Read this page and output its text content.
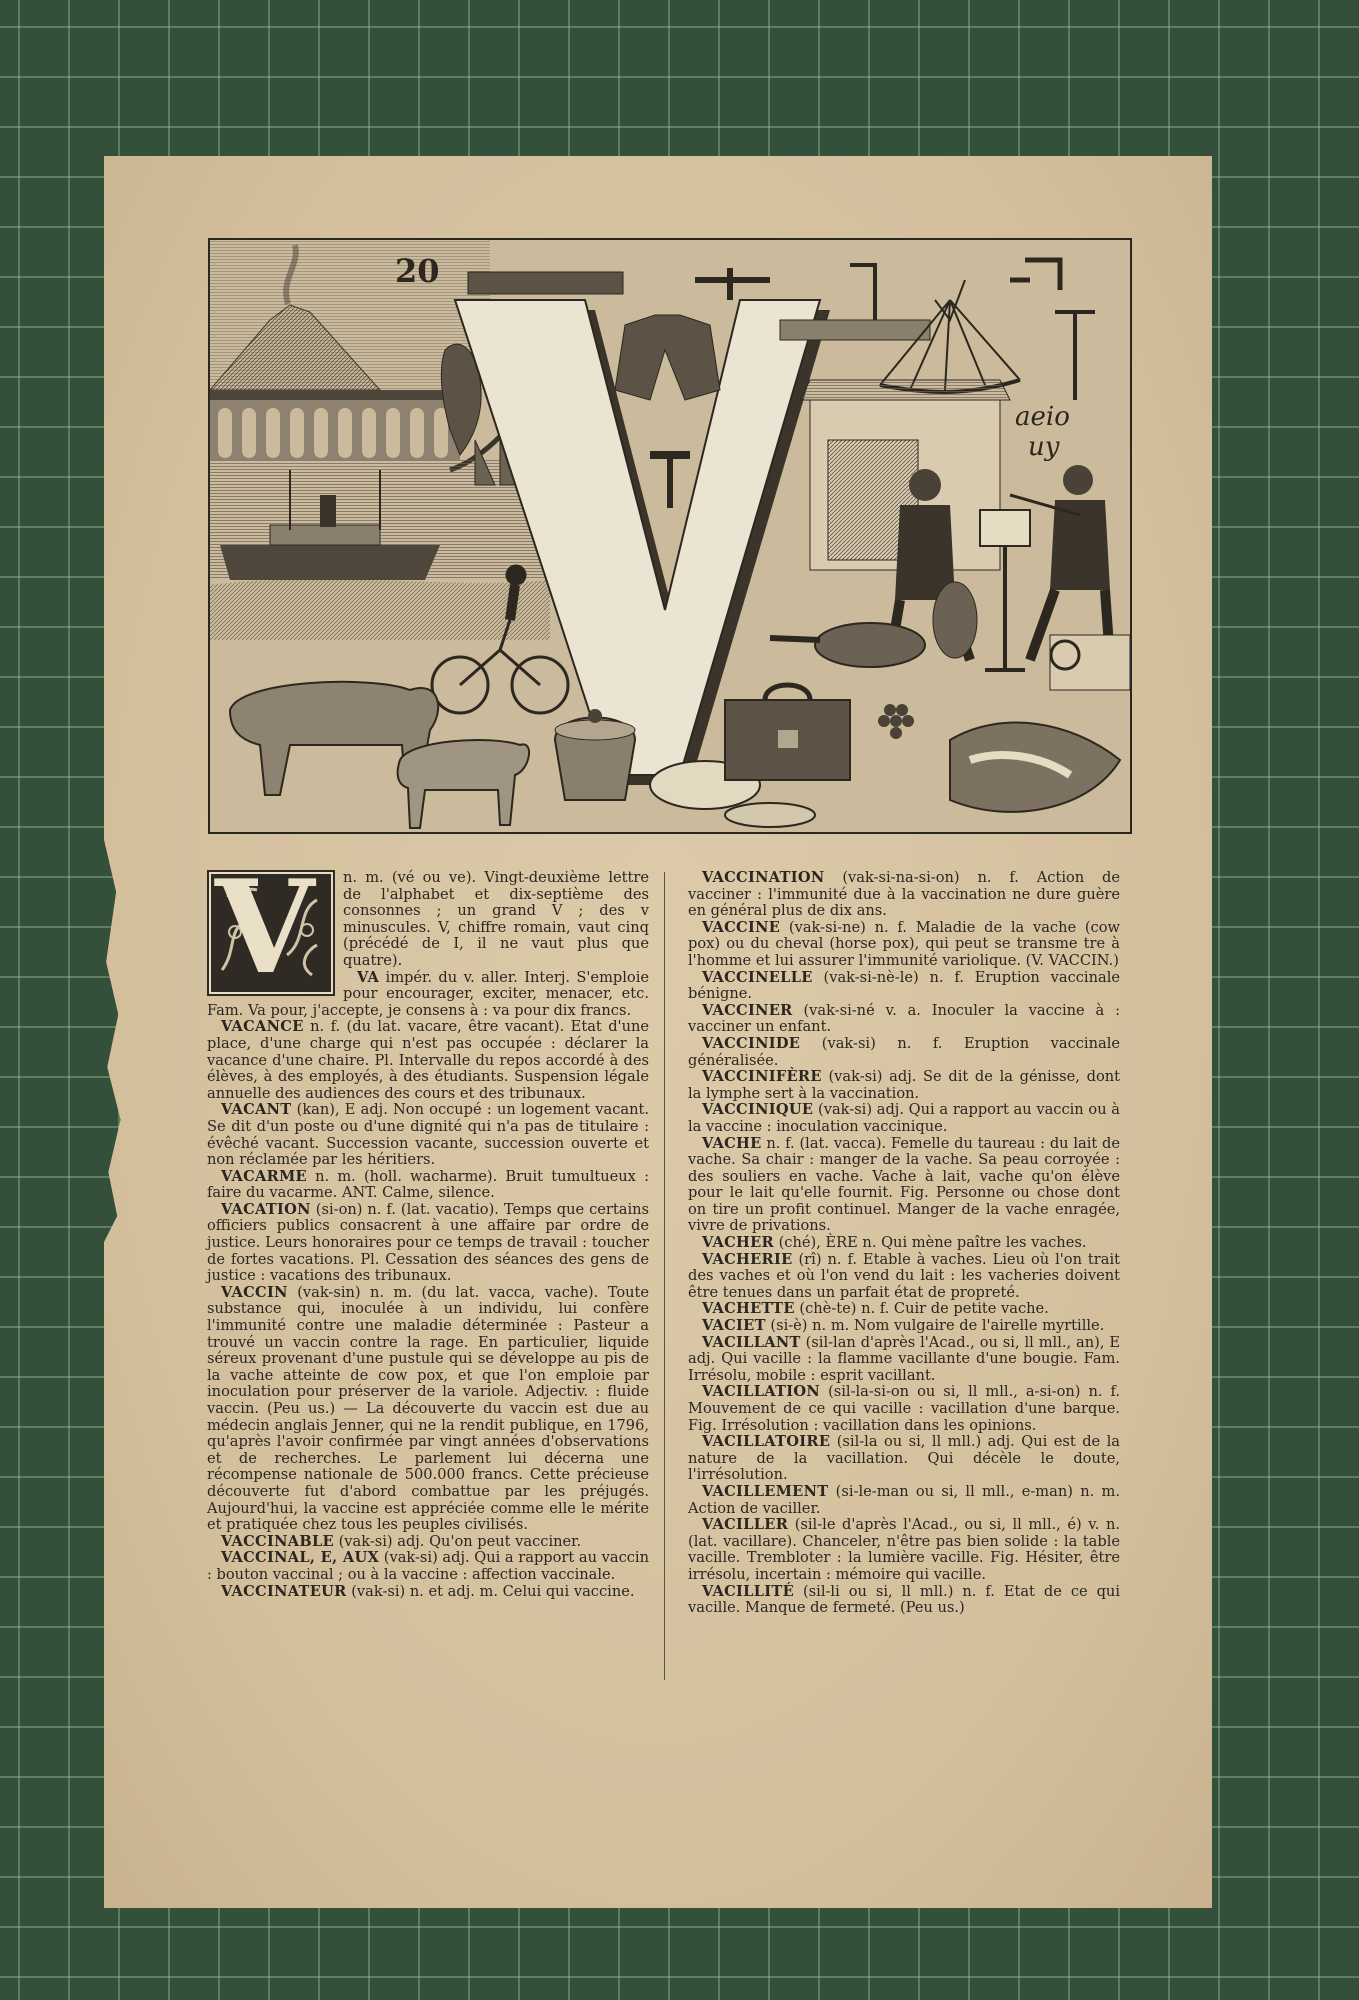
aeio
uy
20
V	n. m. (vé ou ve). Vingt-deuxième lettre de l'alphabet et dix-septième des consonnes ; un grand V ; des v minuscules. V, chiffre romain, vaut cinq (précédé de I, il ne vaut plus que quatre).

VA impér. du v. aller. Interj. S'emploie pour encourager, exciter, menacer, etc. Fam. Va pour, j'accepte, je consens à : va pour dix francs.

VACANCE n. f. (du lat. vacare, être vacant). Etat d'une place, d'une charge qui n'est pas occupée : déclarer la vacance d'une chaire. Pl. Intervalle du repos accordé à des élèves, à des employés, à des étudiants. Suspension légale annuelle des audiences des cours et des tribunaux.

VACANT (kan), E adj. Non occupé : un logement vacant. Se dit d'un poste ou d'une dignité qui n'a pas de titulaire : évêché vacant. Succession vacante, succession ouverte et non réclamée par les héritiers.

VACARME n. m. (holl. wacharme). Bruit tumultueux : faire du vacarme. ANT. Calme, silence.

VACATION (si-on) n. f. (lat. vacatio). Temps que certains officiers publics consacrent à une affaire par ordre de justice. Leurs honoraires pour ce temps de travail : toucher de fortes vacations. Pl. Cessation des séances des gens de justice : vacations des tribunaux.

VACCIN (vak-sin) n. m. (du lat. vacca, vache). Toute substance qui, inoculée à un individu, lui confère l'immunité contre une maladie déterminée : Pasteur a trouvé un vaccin contre la rage. En particulier, liquide séreux provenant d'une pustule qui se développe au pis de la vache atteinte de cow pox, et que l'on emploie par inoculation pour préserver de la variole. Adjectiv. : fluide vaccin. (Peu us.) — La découverte du vaccin est due au médecin anglais Jenner, qui ne la rendit publique, en 1796, qu'après l'avoir confirmée par vingt années d'observations et de recherches. Le parlement lui décerna une récompense nationale de 500.000 francs. Cette précieuse découverte fut d'abord combattue par les préjugés. Aujourd'hui, la vaccine est appréciée comme elle le mérite et pratiquée chez tous les peuples civilisés.

VACCINABLE (vak-si) adj. Qu'on peut vacciner.

VACCINAL, E, AUX (vak-si) adj. Qui a rapport au vaccin : bouton vaccinal ; ou à la vaccine : affection vaccinale.

VACCINATEUR (vak-si) n. et adj. m. Celui qui vaccine.

VACCINATION (vak-si-na-si-on) n. f. Action de vacciner : l'immunité due à la vaccination ne dure guère en général plus de dix ans.

VACCINE (vak-si-ne) n. f. Maladie de la vache (cow pox) ou du cheval (horse pox), qui peut se transme tre à l'homme et lui assurer l'immunité variolique. (V. VACCIN.)

VACCINELLE (vak-si-nè-le) n. f. Eruption vaccinale bénigne.

VACCINER (vak-si-né v. a. Inoculer la vaccine à : vacciner un enfant.

VACCINIDE (vak-si) n. f. Eruption vaccinale généralisée.

VACCINIFÈRE (vak-si) adj. Se dit de la génisse, dont la lymphe sert à la vaccination.

VACCINIQUE (vak-si) adj. Qui a rapport au vaccin ou à la vaccine : inoculation vaccinique.

VACHE n. f. (lat. vacca). Femelle du taureau : du lait de vache. Sa chair : manger de la vache. Sa peau corroyée : des souliers en vache. Vache à lait, vache qu'on élève pour le lait qu'elle fournit. Fig. Personne ou chose dont on tire un profit continuel. Manger de la vache enragée, vivre de privations.

VACHER (ché), ÈRE n. Qui mène paître les vaches.

VACHERIE (rî) n. f. Etable à vaches. Lieu où l'on trait des vaches et où l'on vend du lait : les vacheries doivent être tenues dans un parfait état de propreté.

VACHETTE (chè-te) n. f. Cuir de petite vache.

VACIET (si-è) n. m. Nom vulgaire de l'airelle myrtille.

VACILLANT (sil-lan d'après l'Acad., ou si, ll mll., an), E adj. Qui vacille : la flamme vacillante d'une bougie. Fam. Irrésolu, mobile : esprit vacillant.

VACILLATION (sil-la-si-on ou si, ll mll., a-si-on) n. f. Mouvement de ce qui vacille : vacillation d'une barque. Fig. Irrésolution : vacillation dans les opinions.

VACILLATOIRE (sil-la ou si, ll mll.) adj. Qui est de la nature de la vacillation. Qui décèle le doute, l'irrésolution.

VACILLEMENT (si-le-man ou si, ll mll., e-man) n. m. Action de vaciller.

VACILLER (sil-le d'après l'Acad., ou si, ll mll., é) v. n. (lat. vacillare). Chanceler, n'être pas bien solide : la table vacille. Trembloter : la lumière vacille. Fig. Hésiter, être irrésolu, incertain : mémoire qui vacille.

VACILLITÉ (sil-li ou si, ll mll.) n. f. Etat de ce qui vacille. Manque de fermeté. (Peu us.)
